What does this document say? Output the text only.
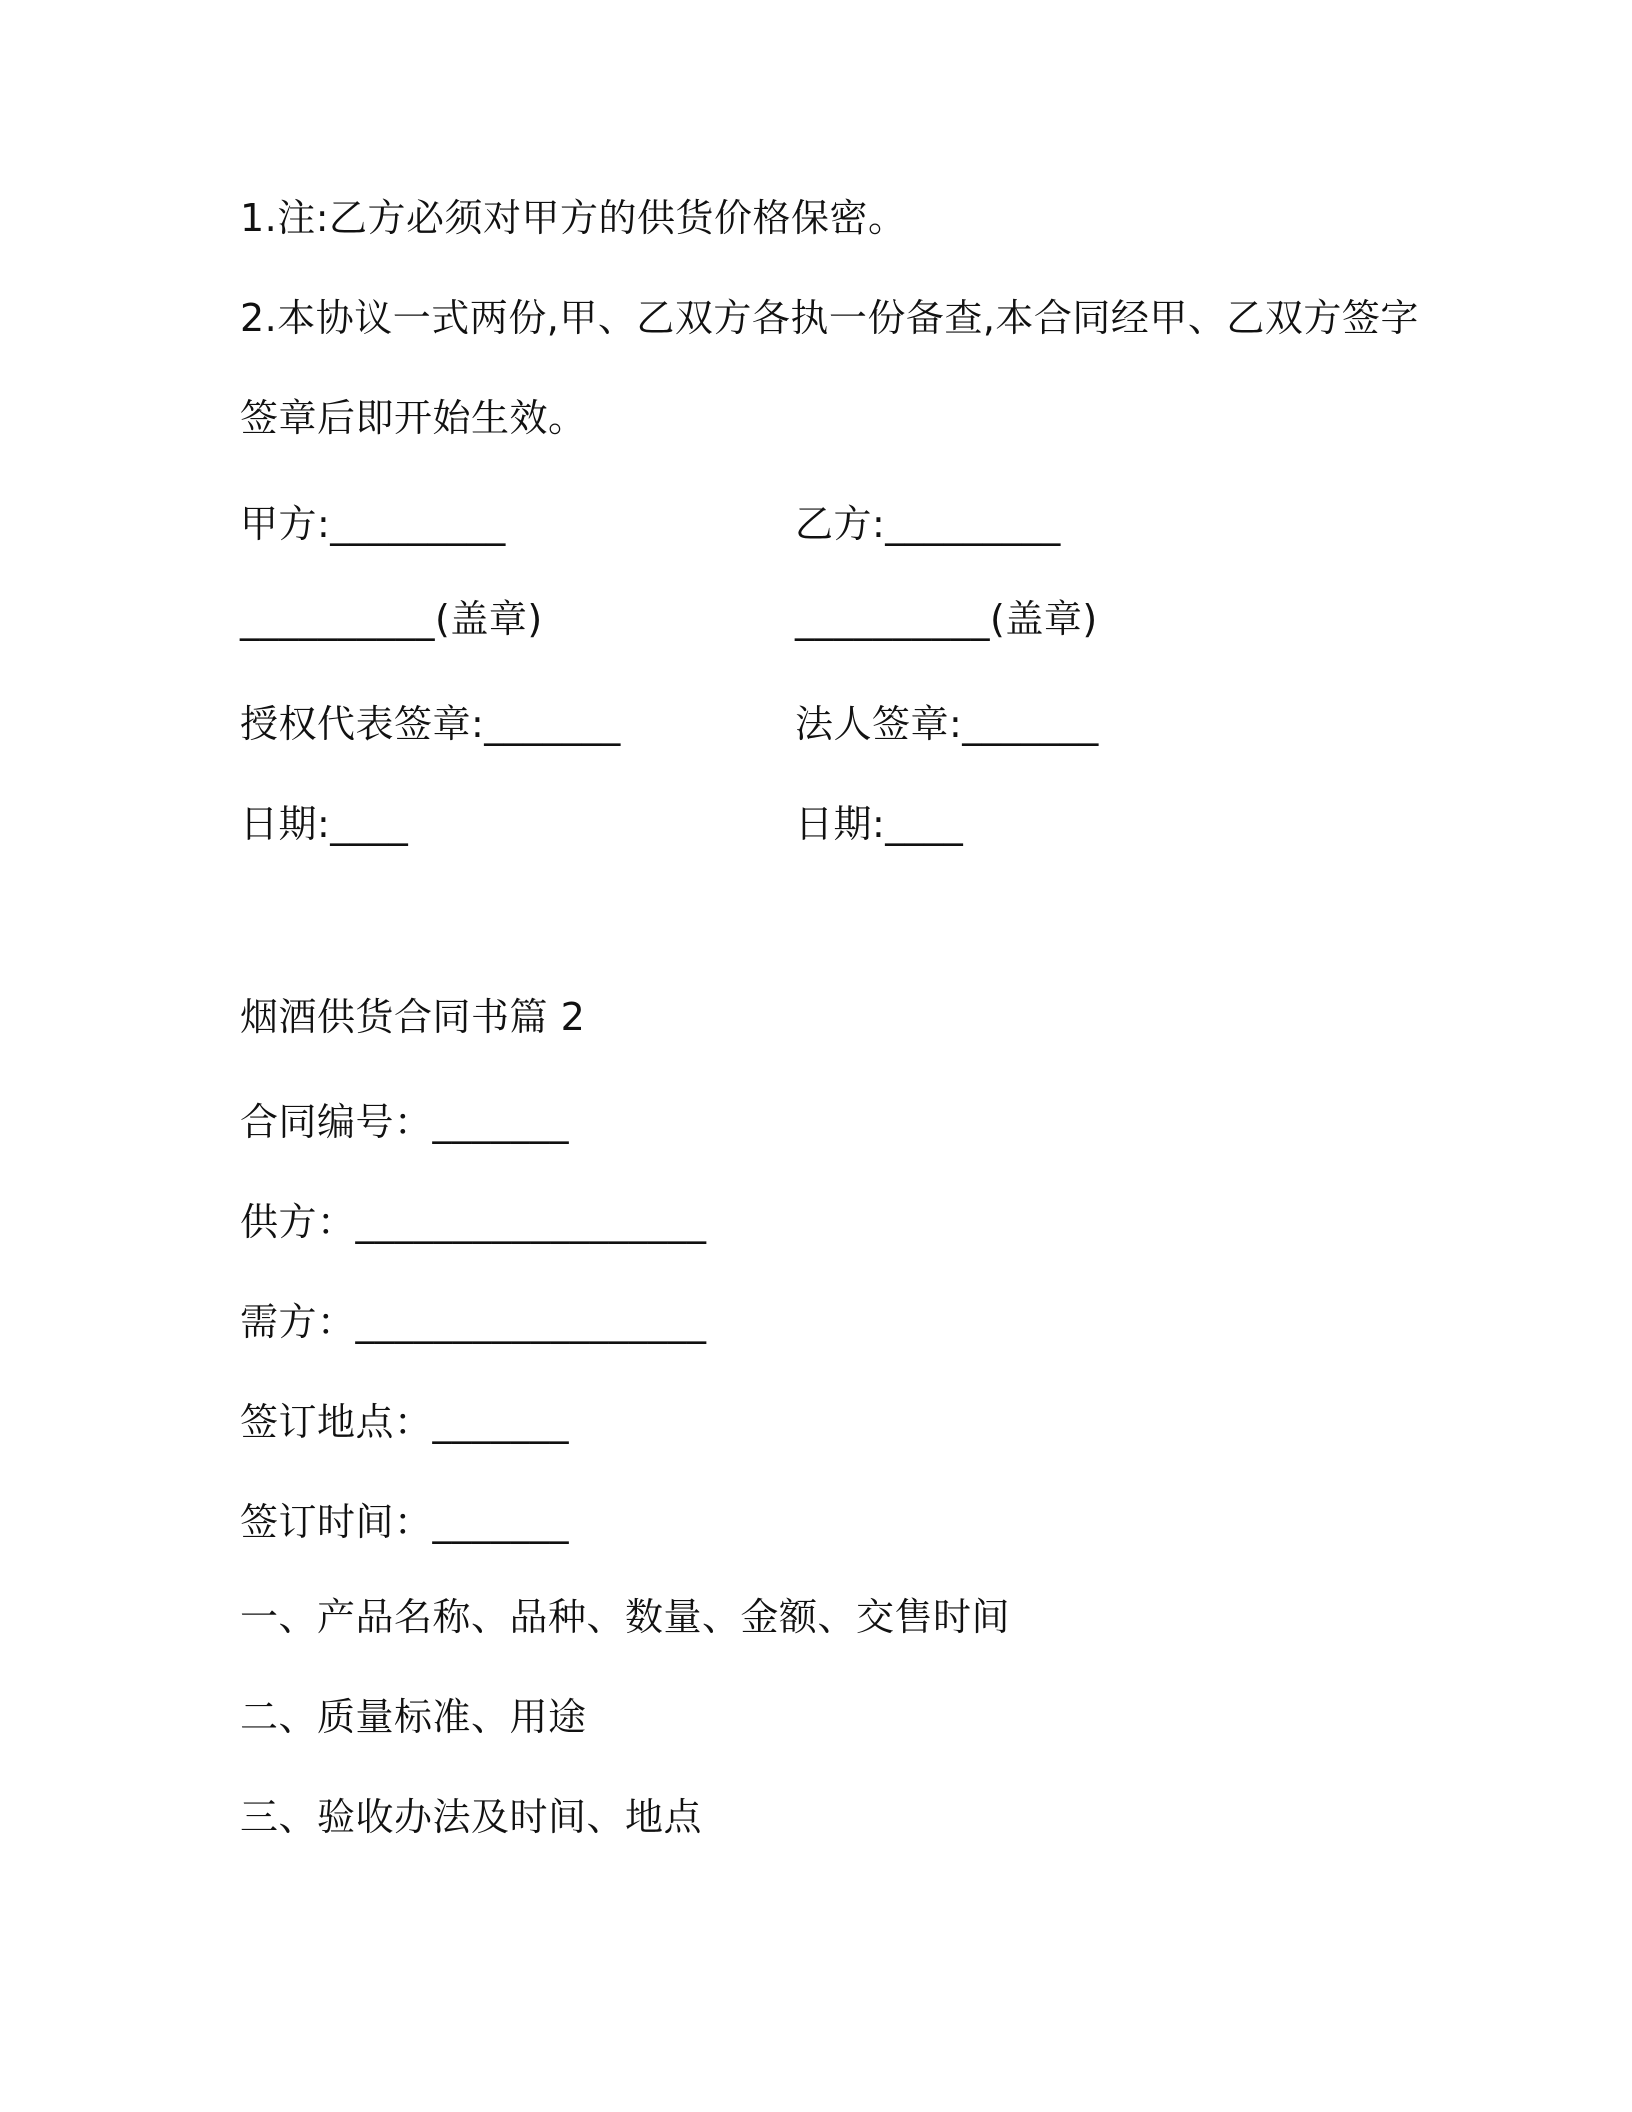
1.注:乙方必须对甲方的供货价格保密。
2.本协议一式两份,甲、乙双方各执一份备查,本合同经甲、乙双方签字
签章后即开始生效。
甲方:_________	乙方:_________
__________(盖章)	__________(盖章)
授权代表签章:_______	法人签章:_______
日期:____	日期:____
烟酒供货合同书篇 2
合同编号：_______
供方：__________________
需方：__________________
签订地点：_______
签订时间：_______
一、产品名称、品种、数量、金额、交售时间
二、质量标准、用途
三、验收办法及时间、地点
